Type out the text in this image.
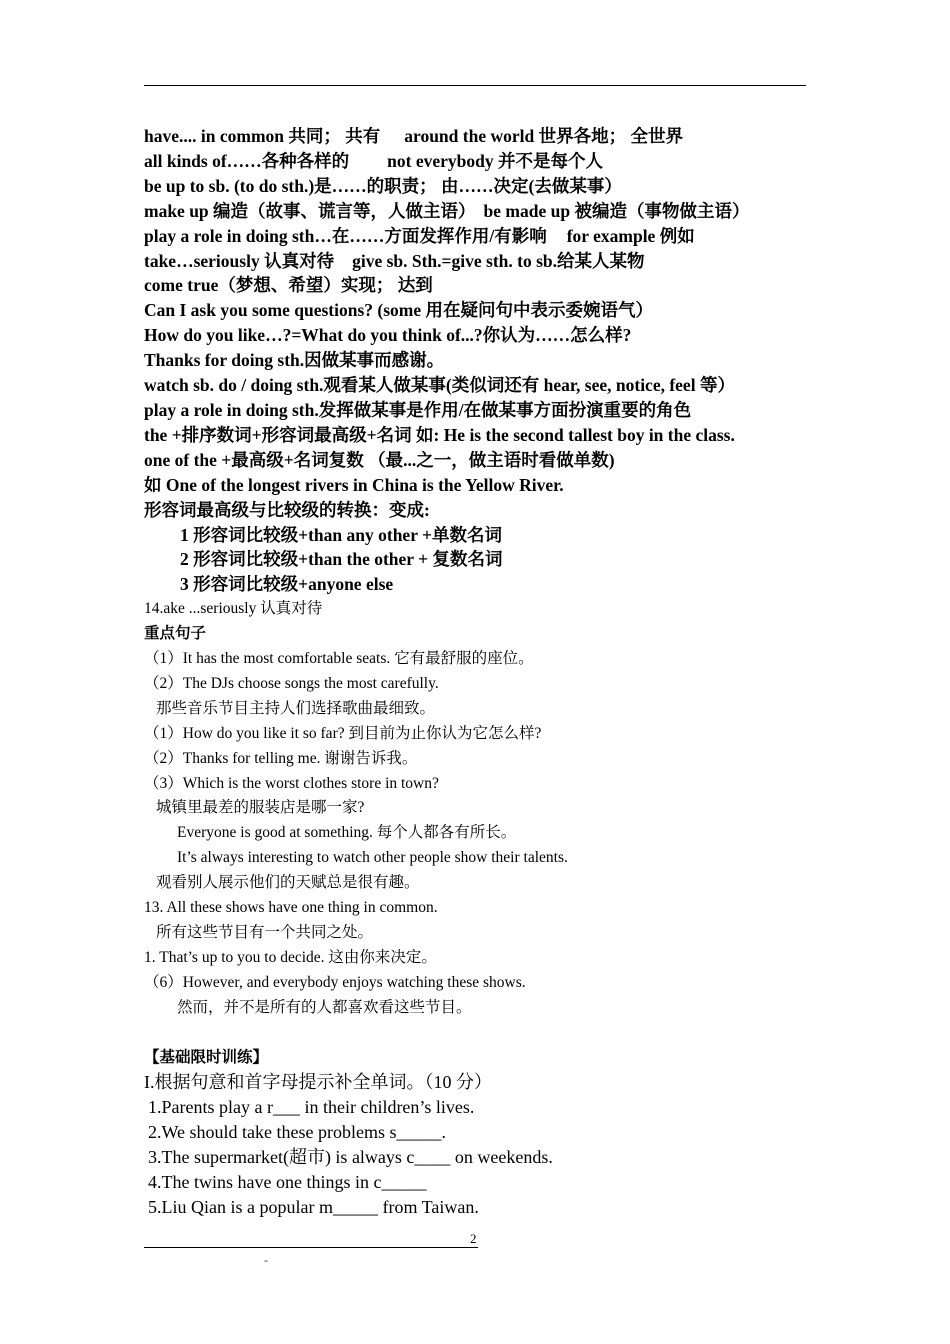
have.... in common 共同； 共有 around the world 世界各地； 全世界

all kinds of……各种各样的 not everybody 并不是每个人

be up to sb. (to do sth.)是……的职责； 由……决定(去做某事）

make up 编造（故事、谎言等，人做主语） be made up 被编造（事物做主语）

play a role in doing sth…在……方面发挥作用/有影响 for example 例如

take…seriously 认真对待 give sb. Sth.=give sth. to sb.给某人某物

come true（梦想、希望）实现； 达到

Can I ask you some questions? (some 用在疑问句中表示委婉语气）

How do you like…?=What do you think of...?你认为……怎么样?

Thanks for doing sth.因做某事而感谢。

watch sb. do / doing sth.观看某人做某事(类似词还有 hear, see, notice, feel 等）

play a role in doing sth.发挥做某事是作用/在做某事方面扮演重要的角色

the +排序数词+形容词最高级+名词 如: He is the second tallest boy in the class.

one of the +最高级+名词复数 （最...之一，做主语时看做单数)

如 One of the longest rivers in China is the Yellow River.

形容词最高级与比较级的转换：变成:

1 形容词比较级+than any other +单数名词

2 形容词比较级+than the other + 复数名词

3 形容词比较级+anyone else

14.ake ...seriously 认真对待

重点句子

（1）It has the most comfortable seats. 它有最舒服的座位。

（2）The DJs choose songs the most carefully.

那些音乐节目主持人们选择歌曲最细致。

（1）How do you like it so far? 到目前为止你认为它怎么样?

（2）Thanks for telling me. 谢谢告诉我。

（3）Which is the worst clothes store in town?

城镇里最差的服装店是哪一家?

Everyone is good at something. 每个人都各有所长。

It’s always interesting to watch other people show their talents.

观看别人展示他们的天赋总是很有趣。

13. All these shows have one thing in common.

所有这些节目有一个共同之处。

1. That’s up to you to decide. 这由你来决定。

（6）However, and everybody enjoys watching these shows.

然而，并不是所有的人都喜欢看这些节目。

【基础限时训练】

I.根据句意和首字母提示补全单词。（10 分）

1.Parents play a r___ in their children’s lives.

2.We should take these problems s_____.

3.The supermarket(超市) is always c____ on weekends.

4.The twins have one things in c_____

5.Liu Qian is a popular m_____ from Taiwan.

2
-
